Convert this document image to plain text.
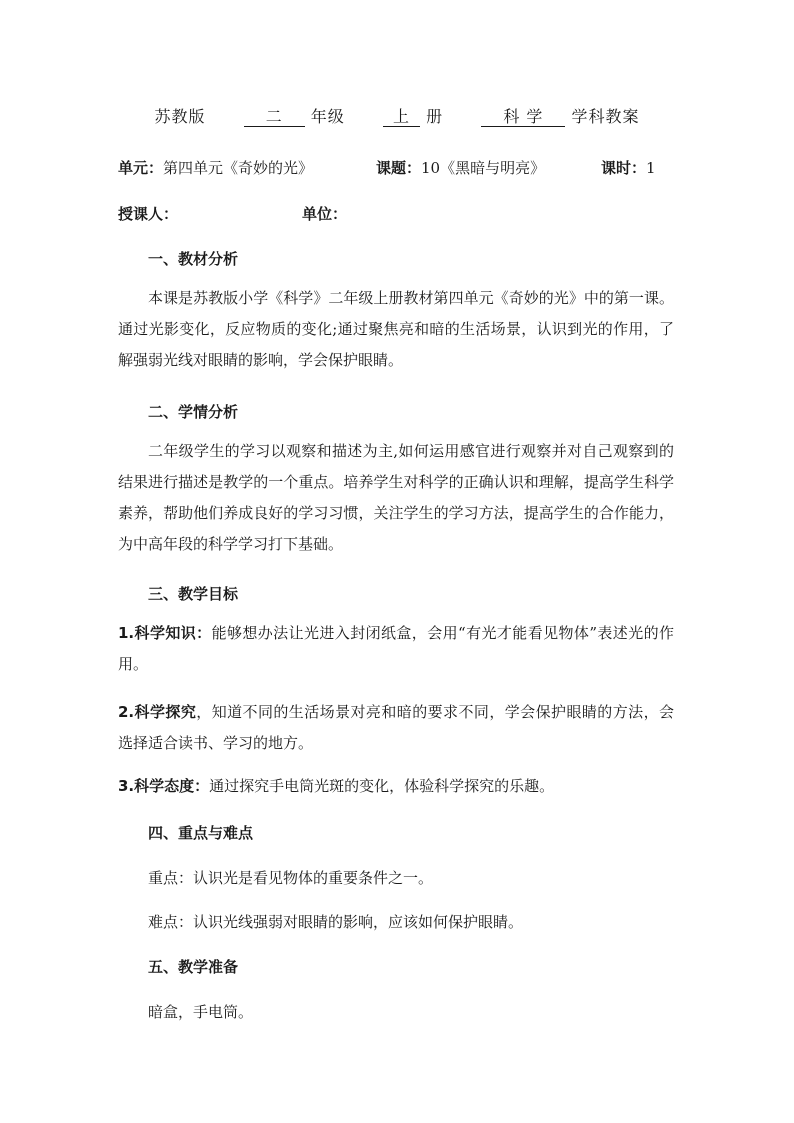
苏教版	二 年级	上 册	科 学 学科教案
单元：第四单元《奇妙的光》	课题：10《黑暗与明亮》	课时：1
授课人：	单位：
一、教材分析
本课是苏教版小学《科学》二年级上册教材第四单元《奇妙的光》中的第一课。通过光影变化，反应物质的变化;通过聚焦亮和暗的生活场景，认识到光的作用，了解强弱光线对眼睛的影响，学会保护眼睛。
二、学情分析
二年级学生的学习以观察和描述为主,如何运用感官进行观察并对自己观察到的结果进行描述是教学的一个重点。培养学生对科学的正确认识和理解，提高学生科学素养，帮助他们养成良好的学习习惯，关注学生的学习方法，提高学生的合作能力，为中高年段的科学学习打下基础。
三、教学目标
1.科学知识：能够想办法让光进入封闭纸盒，会用“有光才能看见物体”表述光的作用。
2.科学探究，知道不同的生活场景对亮和暗的要求不同，学会保护眼睛的方法，会选择适合读书、学习的地方。
3.科学态度：通过探究手电筒光斑的变化，体验科学探究的乐趣。
四、重点与难点
重点：认识光是看见物体的重要条件之一。
难点：认识光线强弱对眼睛的影响，应该如何保护眼睛。
五、教学准备
暗盒，手电筒。
